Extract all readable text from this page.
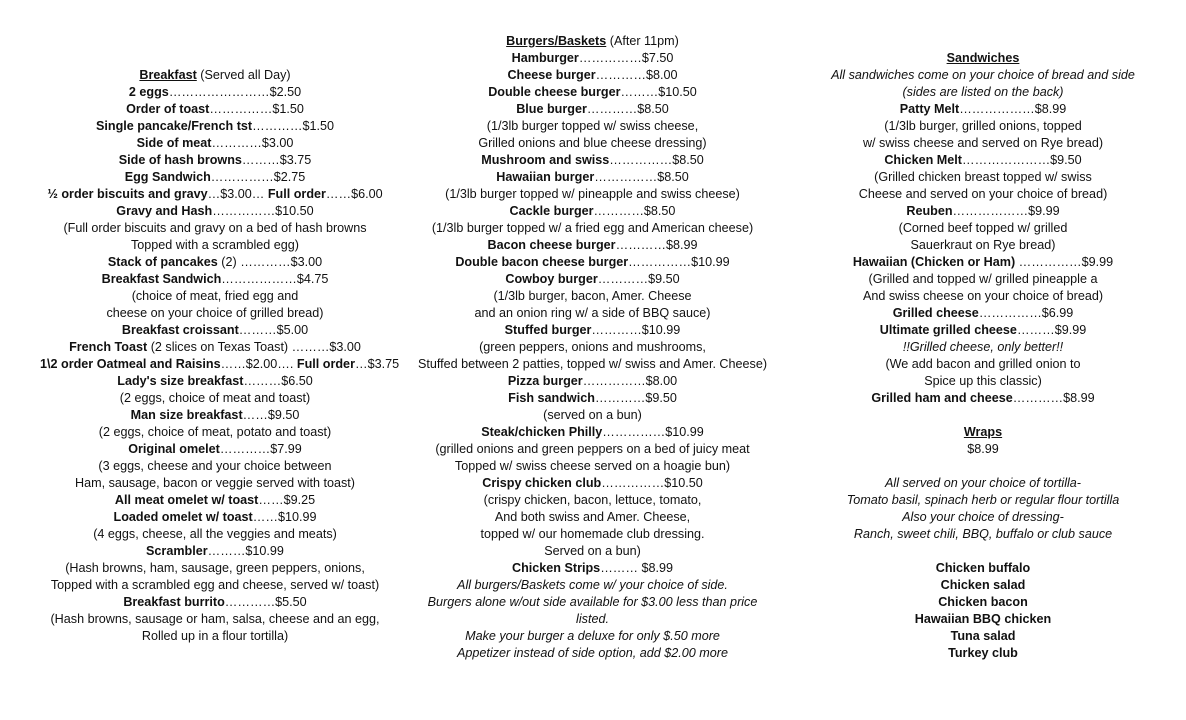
Breakfast (Served all Day)
2 eggs……………………$2.50
Order of toast……………$1.50
Single pancake/French tst…………$1.50
Side of meat…………$3.00
Side of hash browns………$3.75
Egg Sandwich……………$2.75
½ order biscuits and gravy…$3.00… Full order……$6.00
Gravy and Hash……………$10.50
(Full order biscuits and gravy on a bed of hash browns
Topped with a scrambled egg)
Stack of pancakes (2) …………$3.00
Breakfast Sandwich………………$4.75
(choice of meat, fried egg and
cheese on your choice of grilled bread)
Breakfast croissant………$5.00
French Toast (2 slices on Texas Toast) ………$3.00
1\2 order Oatmeal and Raisins……$2.00…. Full order…$3.75
Lady's size breakfast………$6.50
(2 eggs, choice of meat and toast)
Man size breakfast……$9.50
(2 eggs, choice of meat, potato and toast)
Original omelet…………$7.99
(3 eggs, cheese and your choice between
Ham, sausage, bacon or veggie served with toast)
All meat omelet w/ toast……$9.25
Loaded omelet w/ toast……$10.99
(4 eggs, cheese, all the veggies and meats)
Scrambler………$10.99
(Hash browns, ham, sausage, green peppers, onions,
Topped with a scrambled egg and cheese, served w/ toast)
Breakfast burrito…………$5.50
(Hash browns, sausage or ham, salsa, cheese and an egg,
Rolled up in a flour tortilla)
Burgers/Baskets (After 11pm)
Hamburger……………$7.50
Cheese burger…………$8.00
Double cheese burger………$10.50
Blue burger…………$8.50
(1/3lb burger topped w/ swiss cheese,
Grilled onions and blue cheese dressing)
Mushroom and swiss……………$8.50
Hawaiian burger……………$8.50
(1/3lb burger topped w/ pineapple and swiss cheese)
Cackle burger…………$8.50
(1/3lb burger topped w/ a fried egg and American cheese)
Bacon cheese burger…………$8.99
Double bacon cheese burger……………$10.99
Cowboy burger…………$9.50
(1/3lb burger, bacon, Amer. Cheese
and an onion ring w/ a side of BBQ sauce)
Stuffed burger…………$10.99
(green peppers, onions and mushrooms,
Stuffed between 2 patties, topped w/ swiss and Amer. Cheese)
Pizza burger……………$8.00
Fish sandwich…………$9.50
(served on a bun)
Steak/chicken Philly……………$10.99
(grilled onions and green peppers on a bed of juicy meat
Topped w/ swiss cheese served on a hoagie bun)
Crispy chicken club……………$10.50
(crispy chicken, bacon, lettuce, tomato,
And both swiss and Amer. Cheese,
topped w/ our homemade club dressing.
Served on a bun)
Chicken Strips……… $8.99
All burgers/Baskets come w/ your choice of side.
Burgers alone w/out side available for $3.00 less than price
listed.
Make your burger a deluxe for only $.50 more
Appetizer instead of side option, add $2.00 more
Sandwiches
All sandwiches come on your choice of bread and side
(sides are listed on the back)
Patty Melt………………$8.99
(1/3lb burger, grilled onions, topped
w/ swiss cheese and served on Rye bread)
Chicken Melt…………………$9.50
(Grilled chicken breast topped w/ swiss
Cheese and served on your choice of bread)
Reuben………………$9.99
(Corned beef topped w/ grilled
Sauerkraut on Rye bread)
Hawaiian (Chicken or Ham) ……………$9.99
(Grilled and topped w/ grilled pineapple a
And swiss cheese on your choice of bread)
Grilled cheese……………$6.99
Ultimate grilled cheese………$9.99
!!Grilled cheese, only better!!
(We add bacon and grilled onion to
Spice up this classic)
Grilled ham and cheese…………$8.99
Wraps
$8.99
All served on your choice of tortilla-
Tomato basil, spinach herb or regular flour tortilla
Also your choice of dressing-
Ranch, sweet chili, BBQ, buffalo or club sauce
Chicken buffalo
Chicken salad
Chicken bacon
Hawaiian BBQ chicken
Tuna salad
Turkey club
